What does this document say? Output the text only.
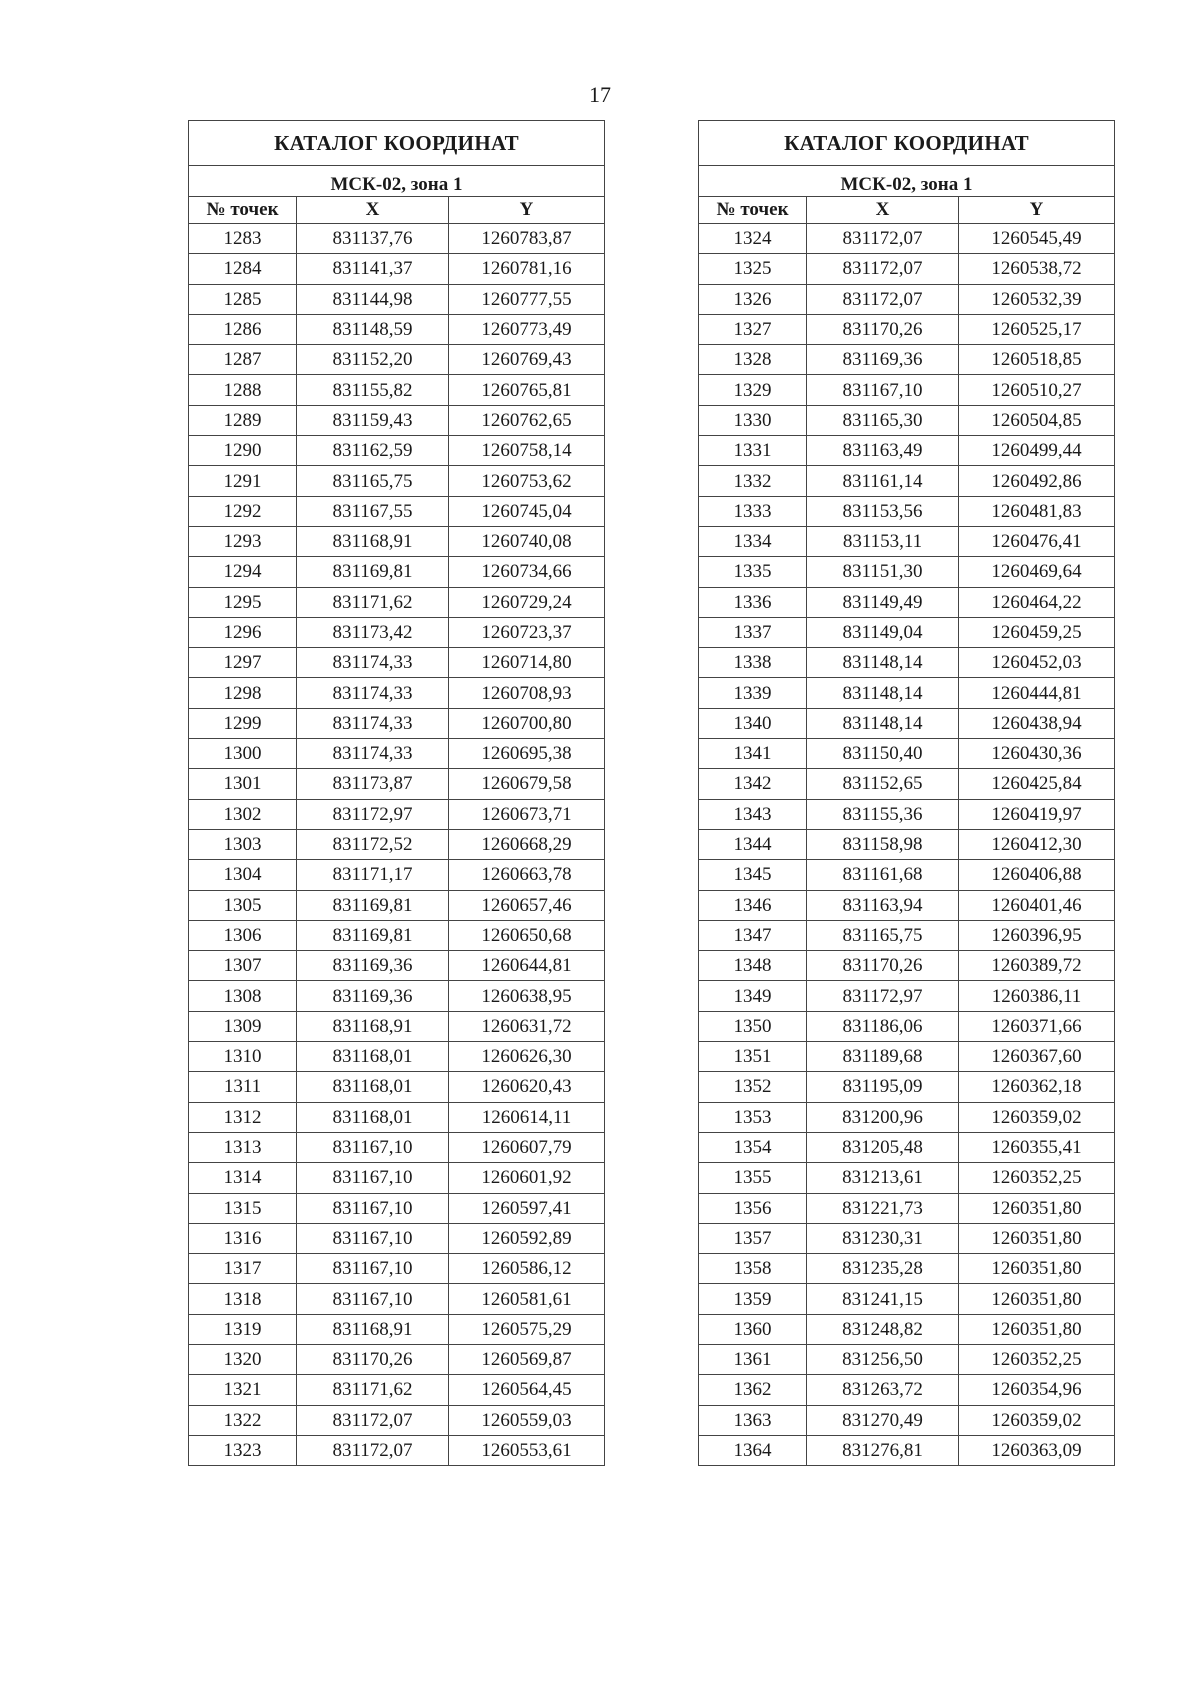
17
КАТАЛОГ КООРДИНАТ		
МСК-02, зона 1		
№ точек	X	Y
1283	831137,76	1260783,87
1284	831141,37	1260781,16
1285	831144,98	1260777,55
1286	831148,59	1260773,49
1287	831152,20	1260769,43
1288	831155,82	1260765,81
1289	831159,43	1260762,65
1290	831162,59	1260758,14
1291	831165,75	1260753,62
1292	831167,55	1260745,04
1293	831168,91	1260740,08
1294	831169,81	1260734,66
1295	831171,62	1260729,24
1296	831173,42	1260723,37
1297	831174,33	1260714,80
1298	831174,33	1260708,93
1299	831174,33	1260700,80
1300	831174,33	1260695,38
1301	831173,87	1260679,58
1302	831172,97	1260673,71
1303	831172,52	1260668,29
1304	831171,17	1260663,78
1305	831169,81	1260657,46
1306	831169,81	1260650,68
1307	831169,36	1260644,81
1308	831169,36	1260638,95
1309	831168,91	1260631,72
1310	831168,01	1260626,30
1311	831168,01	1260620,43
1312	831168,01	1260614,11
1313	831167,10	1260607,79
1314	831167,10	1260601,92
1315	831167,10	1260597,41
1316	831167,10	1260592,89
1317	831167,10	1260586,12
1318	831167,10	1260581,61
1319	831168,91	1260575,29
1320	831170,26	1260569,87
1321	831171,62	1260564,45
1322	831172,07	1260559,03
1323	831172,07	1260553,61
КАТАЛОГ КООРДИНАТ		
МСК-02, зона 1		
№ точек	X	Y
1324	831172,07	1260545,49
1325	831172,07	1260538,72
1326	831172,07	1260532,39
1327	831170,26	1260525,17
1328	831169,36	1260518,85
1329	831167,10	1260510,27
1330	831165,30	1260504,85
1331	831163,49	1260499,44
1332	831161,14	1260492,86
1333	831153,56	1260481,83
1334	831153,11	1260476,41
1335	831151,30	1260469,64
1336	831149,49	1260464,22
1337	831149,04	1260459,25
1338	831148,14	1260452,03
1339	831148,14	1260444,81
1340	831148,14	1260438,94
1341	831150,40	1260430,36
1342	831152,65	1260425,84
1343	831155,36	1260419,97
1344	831158,98	1260412,30
1345	831161,68	1260406,88
1346	831163,94	1260401,46
1347	831165,75	1260396,95
1348	831170,26	1260389,72
1349	831172,97	1260386,11
1350	831186,06	1260371,66
1351	831189,68	1260367,60
1352	831195,09	1260362,18
1353	831200,96	1260359,02
1354	831205,48	1260355,41
1355	831213,61	1260352,25
1356	831221,73	1260351,80
1357	831230,31	1260351,80
1358	831235,28	1260351,80
1359	831241,15	1260351,80
1360	831248,82	1260351,80
1361	831256,50	1260352,25
1362	831263,72	1260354,96
1363	831270,49	1260359,02
1364	831276,81	1260363,09
